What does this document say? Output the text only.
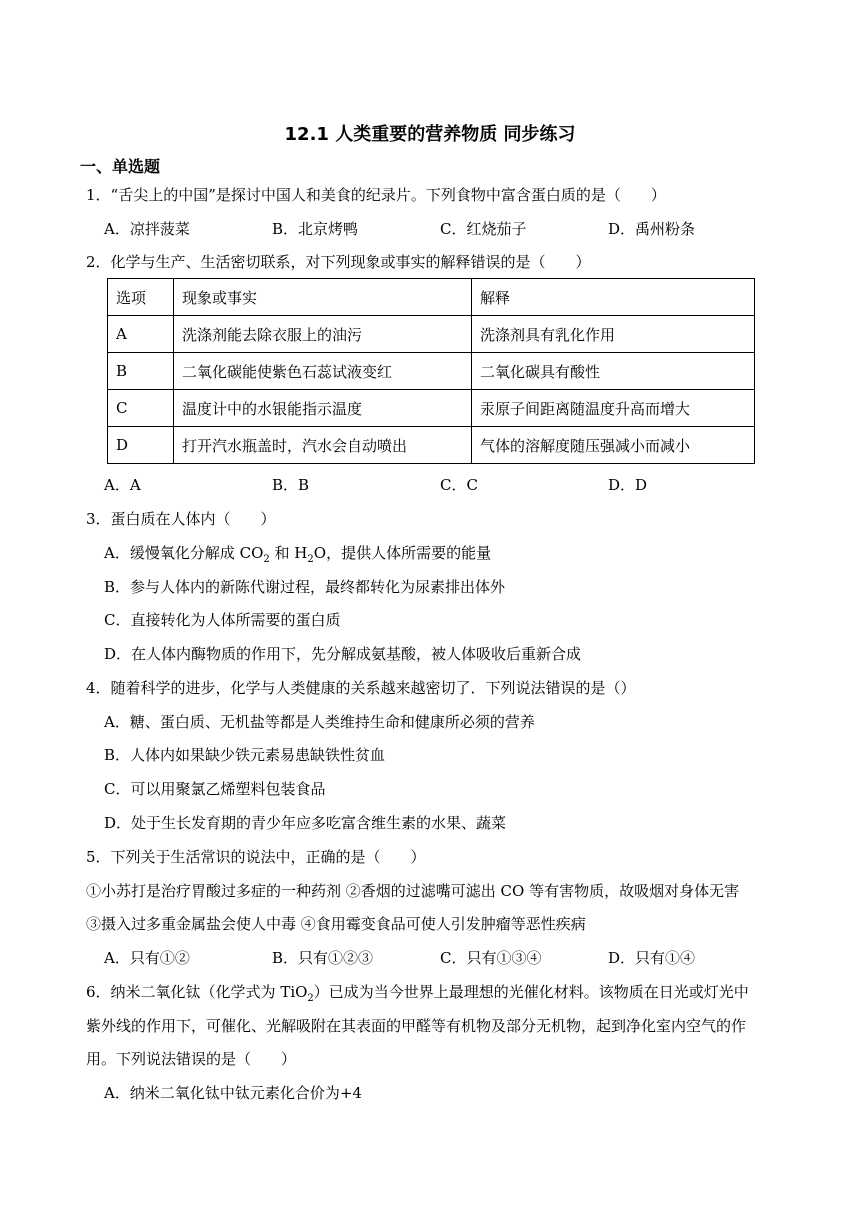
12.1 人类重要的营养物质 同步练习
一、单选题
1．“舌尖上的中国”是探讨中国人和美食的纪录片。下列食物中富含蛋白质的是（　　）
A．凉拌菠菜	B．北京烤鸭	C．红烧茄子	D．禹州粉条
2．化学与生产、生活密切联系，对下列现象或事实的解释错误的是（　　）
选项	现象或事实	解释
A	洗涤剂能去除衣服上的油污	洗涤剂具有乳化作用
B	二氧化碳能使紫色石蕊试液变红	二氧化碳具有酸性
C	温度计中的水银能指示温度	汞原子间距离随温度升高而增大
D	打开汽水瓶盖时，汽水会自动喷出	气体的溶解度随压强减小而减小
A．A	B．B	C．C	D．D
3．蛋白质在人体内（　　）
A．缓慢氧化分解成 $CO_2$ 和 $H_2O$，提供人体所需要的能量
B．参与人体内的新陈代谢过程，最终都转化为尿素排出体外
C．直接转化为人体所需要的蛋白质
D．在人体内酶物质的作用下，先分解成氨基酸，被人体吸收后重新合成
4．随着科学的进步，化学与人类健康的关系越来越密切了．下列说法错误的是（）
A．糖、蛋白质、无机盐等都是人类维持生命和健康所必须的营养
B．人体内如果缺少铁元素易患缺铁性贫血
C．可以用聚氯乙烯塑料包装食品
D．处于生长发育期的青少年应多吃富含维生素的水果、蔬菜
5．下列关于生活常识的说法中，正确的是（　　）
①小苏打是治疗胃酸过多症的一种药剂 ②香烟的过滤嘴可滤出 CO 等有害物质，故吸烟对身体无害
③摄入过多重金属盐会使人中毒 ④食用霉变食品可使人引发肿瘤等恶性疾病
A．只有①②	B．只有①②③	C．只有①③④	D．只有①④
6．纳米二氧化钛（化学式为 TiO$_2$）已成为当今世界上最理想的光催化材料。该物质在日光或灯光中
紫外线的作用下，可催化、光解吸附在其表面的甲醛等有机物及部分无机物，起到净化室内空气的作
用。下列说法错误的是（　　）
A．纳米二氧化钛中钛元素化合价为+4
